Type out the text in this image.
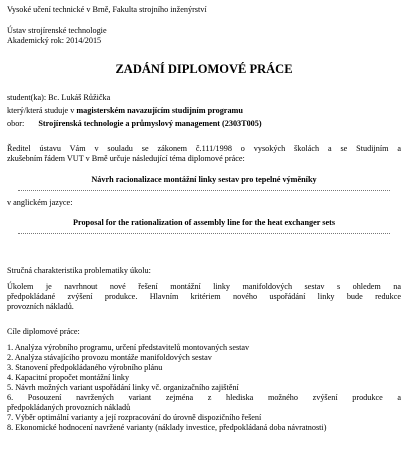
Vysoké učení technické v Brně, Fakulta strojního inženýrství
Ústav strojírenské technologie
Akademický rok: 2014/2015
ZADÁNÍ DIPLOMOVÉ PRÁCE
student(ka): Bc. Lukáš Růžička
který/která studuje v magisterském navazujícím studijním programu
obor: Strojírenská technologie a průmyslový management (2303T005)
Ředitel ústavu Vám v souladu se zákonem č.111/1998 o vysokých školách a se Studijním a
zkušebním řádem VUT v Brně určuje následující téma diplomové práce:
Návrh racionalizace montážní linky sestav pro tepelné výměníky
v anglickém jazyce:
Proposal for the rationalization of assembly line for the heat exchanger sets
Stručná charakteristika problematiky úkolu:
Úkolem je navrhnout nové řešení montážní linky manifoldových sestav s ohledem na
předpokládané zvýšení produkce. Hlavním kritériem nového uspořádání linky bude redukce
provozních nákladů.
Cíle diplomové práce:
1. Analýza výrobního programu, určení představitelů montovaných sestav
2. Analýza stávajícího provozu montáže manifoldových sestav
3. Stanovení předpokládaného výrobního plánu
4. Kapacitní propočet montážní linky
5. Návrh možných variant uspořádání linky vč. organizačního zajištění
6. Posouzení navržených variant zejména z hlediska možného zvýšení produkce a
předpokládaných provozních nákladů
7. Výběr optimální varianty a její rozpracování do úrovně dispozičního řešení
8. Ekonomické hodnocení navržené varianty (náklady investice, předpokládaná doba návratnosti)
